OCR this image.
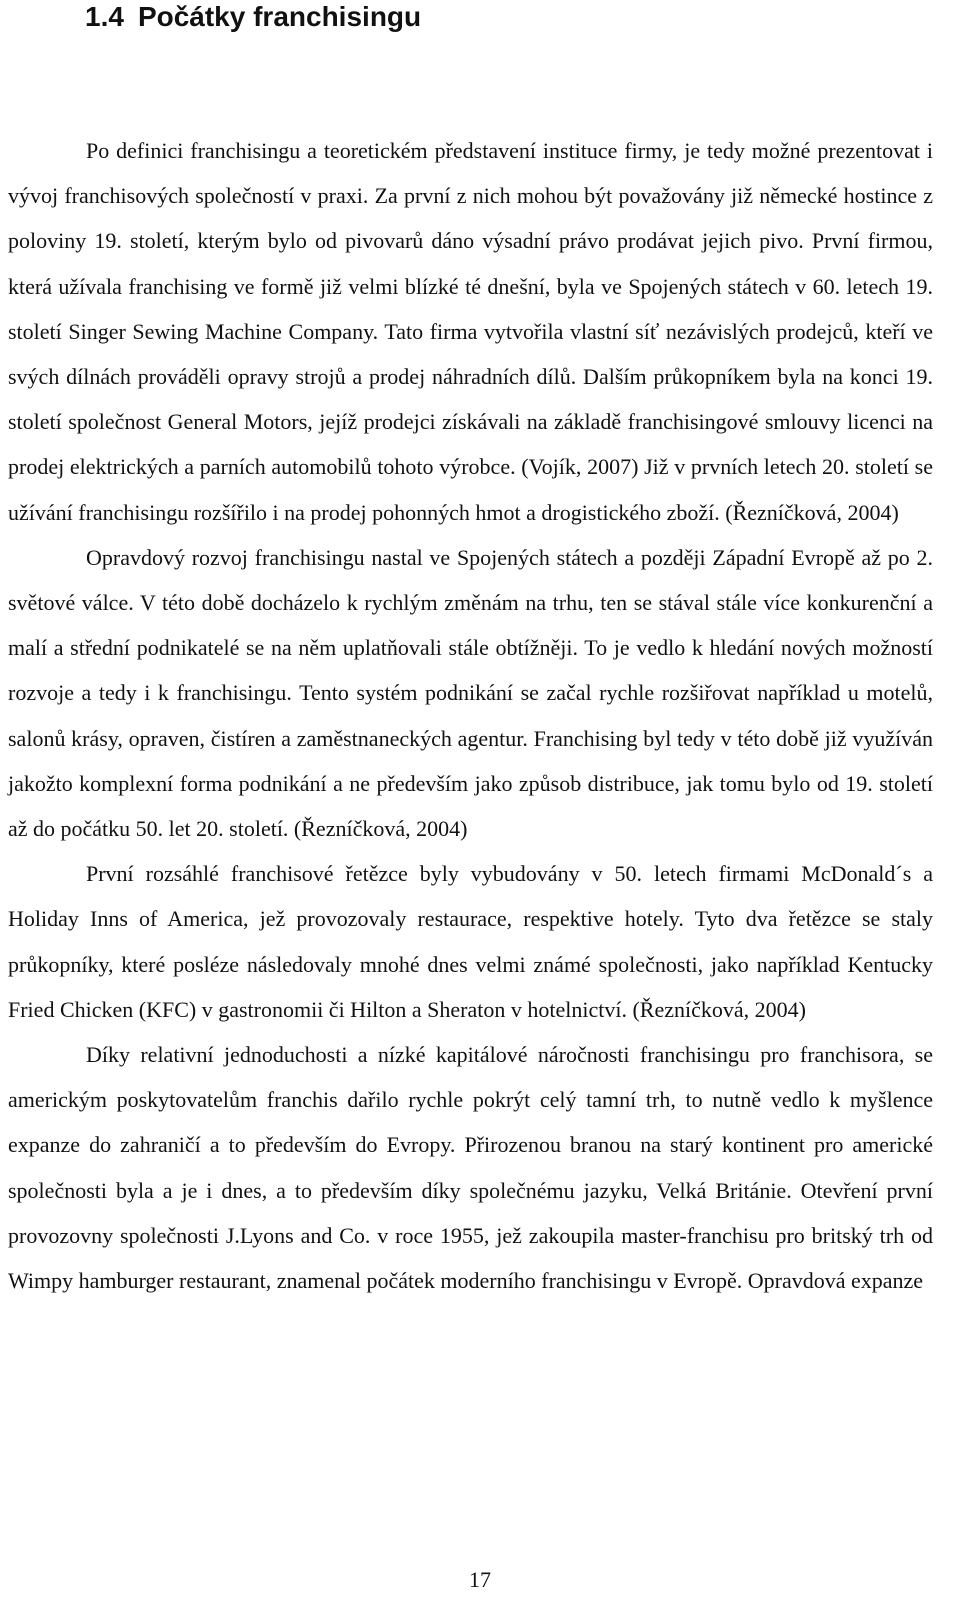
1.4 Počátky franchisingu

Po definici franchisingu a teoretickém představení instituce firmy, je tedy možné prezentovat i vývoj franchisových společností v praxi. Za první z nich mohou být považovány již německé hostince z poloviny 19. století, kterým bylo od pivovarů dáno výsadní právo prodávat jejich pivo. První firmou, která užívala franchising ve formě již velmi blízké té dnešní, byla ve Spojených státech v 60. letech 19. století Singer Sewing Machine Company. Tato firma vytvořila vlastní síť nezávislých prodejců, kteří ve svých dílnách prováděli opravy strojů a prodej náhradních dílů. Dalším průkopníkem byla na konci 19. století společnost General Motors, jejíž prodejci získávali na základě franchisingové smlouvy licenci na prodej elektrických a parních automobilů tohoto výrobce. (Vojík, 2007) Již v prvních letech 20. století se užívání franchisingu rozšířilo i na prodej pohonných hmot a drogistického zboží. (Řezníčková, 2004)

Opravdový rozvoj franchisingu nastal ve Spojených státech a později Západní Evropě až po 2. světové válce. V této době docházelo k rychlým změnám na trhu, ten se stával stále více konkurenční a malí a střední podnikatelé se na něm uplatňovali stále obtížněji. To je vedlo k hledání nových možností rozvoje a tedy i k franchisingu. Tento systém podnikání se začal rychle rozšiřovat například u motelů, salonů krásy, opraven, čistíren a zaměstnaneckých agentur. Franchising byl tedy v této době již využíván jakožto komplexní forma podnikání a ne především jako způsob distribuce, jak tomu bylo od 19. století až do počátku 50. let 20. století. (Řezníčková, 2004)

První rozsáhlé franchisové řetězce byly vybudovány v 50. letech firmami McDonald´s a Holiday Inns of America, jež provozovaly restaurace, respektive hotely. Tyto dva řetězce se staly průkopníky, které posléze následovaly mnohé dnes velmi známé společnosti, jako například Kentucky Fried Chicken (KFC) v gastronomii či Hilton a Sheraton v hotelnictví. (Řezníčková, 2004)

Díky relativní jednoduchosti a nízké kapitálové náročnosti franchisingu pro franchisora, se americkým poskytovatelům franchis dařilo rychle pokrýt celý tamní trh, to nutně vedlo k myšlence expanze do zahraničí a to především do Evropy. Přirozenou branou na starý kontinent pro americké společnosti byla a je i dnes, a to především díky společnému jazyku, Velká Británie. Otevření první provozovny společnosti J.Lyons and Co. v roce 1955, jež zakoupila master-franchisu pro britský trh od Wimpy hamburger restaurant, znamenal počátek moderního franchisingu v Evropě. Opravdová expanze

17
